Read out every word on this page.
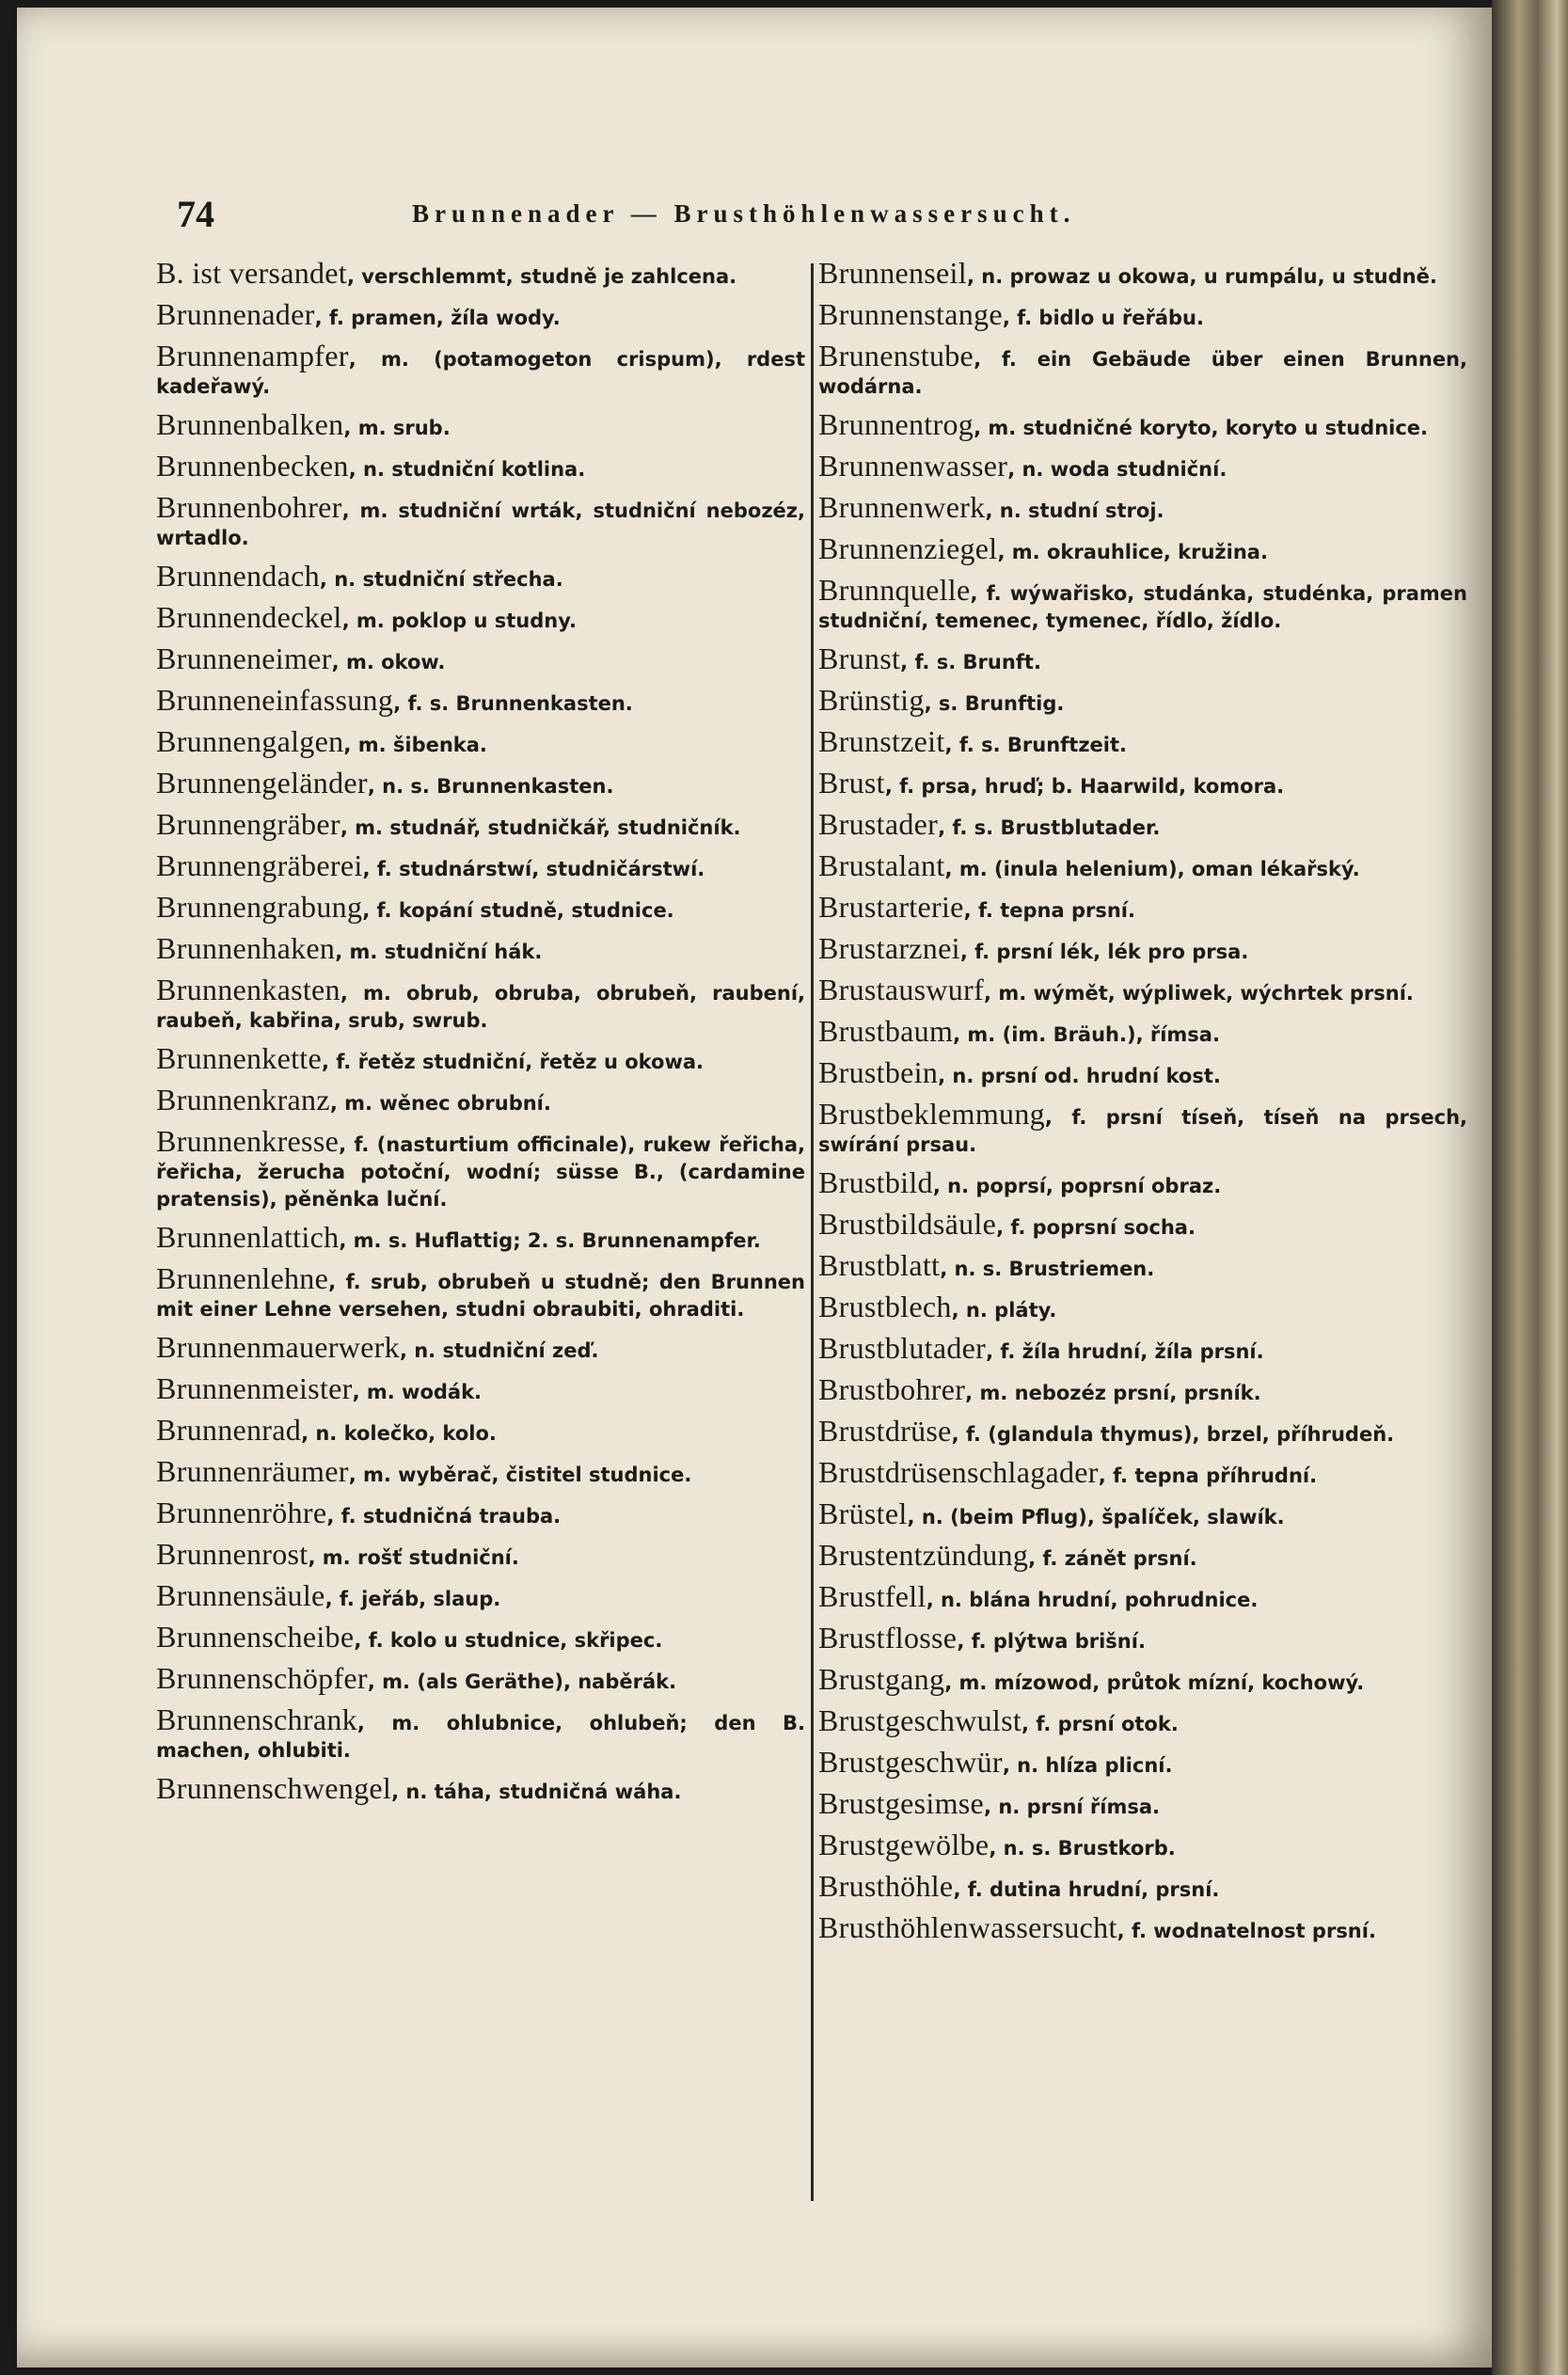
74	Brunnenader — Brusthöhlenwassersucht.
B. ist versandet, verschlemmt, studně je zahlcena.
Brunnenader, f. pramen, žíla wody.
Brunnenampfer, m. (potamogeton crispum), rdest kadeřawý.
Brunnenbalken, m. srub.
Brunnenbecken, n. studniční kotlina.
Brunnenbohrer, m. studniční wrták, studniční nebozéz, wrtadlo.
Brunnendach, n. studniční střecha.
Brunnendeckel, m. poklop u studny.
Brunneneimer, m. okow.
Brunneneinfassung, f. s. Brunnenkasten.
Brunnengalgen, m. šibenka.
Brunnengeländer, n. s. Brunnenkasten.
Brunnengräber, m. studnář, studničkář, studničník.
Brunnengräberei, f. studnárstwí, studničárstwí.
Brunnengrabung, f. kopání studně, studnice.
Brunnenhaken, m. studniční hák.
Brunnenkasten, m. obrub, obruba, obrubeň, raubení, raubeň, kabřina, srub, swrub.
Brunnenkette, f. řetěz studniční, řetěz u okowa.
Brunnenkranz, m. wěnec obrubní.
Brunnenkresse, f. (nasturtium officinale), rukew řeřicha, řeřicha, žerucha potoční, wodní; süsse B., (cardamine pratensis), pěněnka luční.
Brunnenlattich, m. s. Huflattig; 2. s. Brunnenampfer.
Brunnenlehne, f. srub, obrubeň u studně; den Brunnen mit einer Lehne versehen, studni obraubiti, ohraditi.
Brunnenmauerwerk, n. studniční zeď.
Brunnenmeister, m. wodák.
Brunnenrad, n. kolečko, kolo.
Brunnenräumer, m. wyběrač, čistitel studnice.
Brunnenröhre, f. studničná trauba.
Brunnenrost, m. rošť studniční.
Brunnensäule, f. jeřáb, slaup.
Brunnenscheibe, f. kolo u studnice, skřipec.
Brunnenschöpfer, m. (als Geräthe), naběrák.
Brunnenschrank, m. ohlubnice, ohlubeň; den B. machen, ohlubiti.
Brunnenschwengel, n. táha, studničná wáha.
Brunnenseil, n. prowaz u okowa, u rumpálu, u studně.
Brunnenstange, f. bidlo u řeřábu.
Brunenstube, f. ein Gebäude über einen Brunnen, wodárna.
Brunnentrog, m. studničné koryto, koryto u studnice.
Brunnenwasser, n. woda studniční.
Brunnenwerk, n. studní stroj.
Brunnenziegel, m. okrauhlice, kružina.
Brunnquelle, f. wýwařisko, studánka, studénka, pramen studniční, temenec, tymenec, řídlo, žídlo.
Brunst, f. s. Brunft.
Brünstig, s. Brunftig.
Brunstzeit, f. s. Brunftzeit.
Brust, f. prsa, hruď; b. Haarwild, komora.
Brustader, f. s. Brustblutader.
Brustalant, m. (inula helenium), oman lékařský.
Brustarterie, f. tepna prsní.
Brustarznei, f. prsní lék, lék pro prsa.
Brustauswurf, m. wýmět, wýpliwek, wýchrtek prsní.
Brustbaum, m. (im. Bräuh.), římsa.
Brustbein, n. prsní od. hrudní kost.
Brustbeklemmung, f. prsní tíseň, tíseň na prsech, swírání prsau.
Brustbild, n. poprsí, poprsní obraz.
Brustbildsäule, f. poprsní socha.
Brustblatt, n. s. Brustriemen.
Brustblech, n. pláty.
Brustblutader, f. žíla hrudní, žíla prsní.
Brustbohrer, m. nebozéz prsní, prsník.
Brustdrüse, f. (glandula thymus), brzel, příhrudeň.
Brustdrüsenschlagader, f. tepna příhrudní.
Brüstel, n. (beim Pflug), špalíček, slawík.
Brustentzündung, f. zánět prsní.
Brustfell, n. blána hrudní, pohrudnice.
Brustflosse, f. plýtwa brišní.
Brustgang, m. mízowod, průtok mízní, kochowý.
Brustgeschwulst, f. prsní otok.
Brustgeschwür, n. hlíza plicní.
Brustgesimse, n. prsní římsa.
Brustgewölbe, n. s. Brustkorb.
Brusthöhle, f. dutina hrudní, prsní.
Brusthöhlenwassersucht, f. wodnatelnost prsní.
